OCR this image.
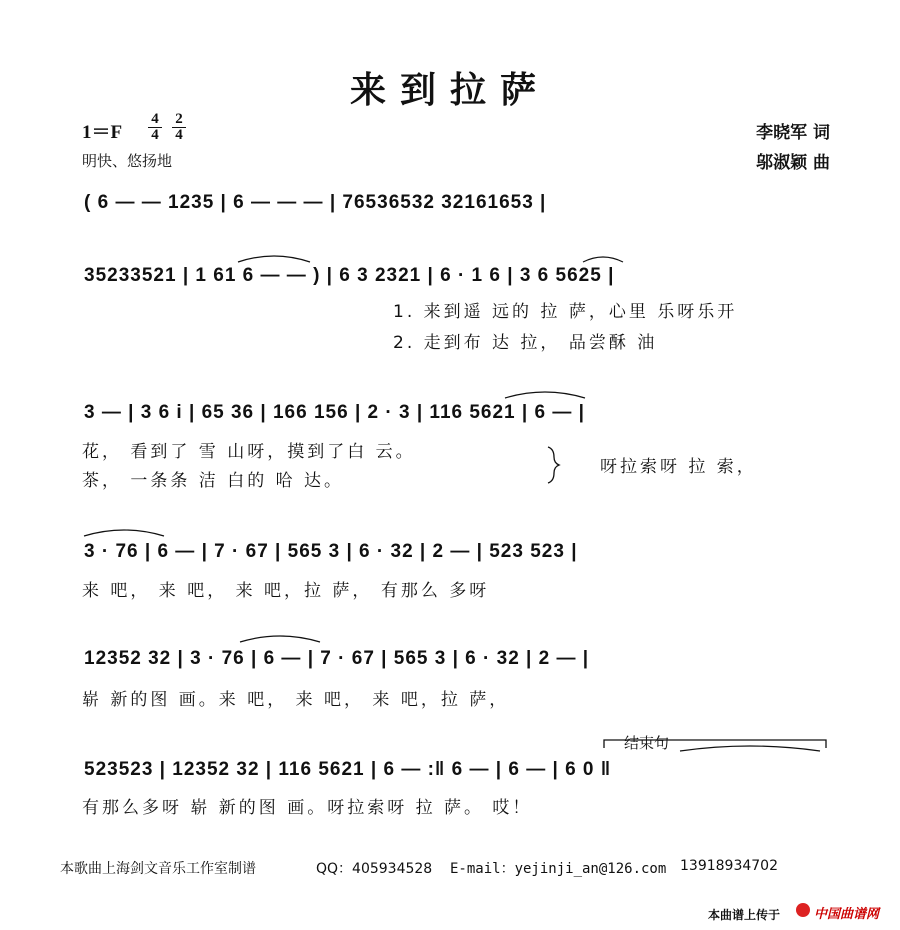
来到拉萨
1＝F
4
4
2
4
明快、悠扬地
李晓军 词
邬淑颖 曲
( 6 — — 1235 | 6 — — — | 76536532 32161653 |
35233521 | 1 61 6 — — ) | 6 3 2321 | 6 · 1 6 | 3 6 5625 |
1. 来到遥 远的 拉 萨，心里 乐呀乐开
2. 走到布 达 拉， 品尝酥 油
3 — | 3 6 i | 65 36 | 166 156 | 2 · 3 | 116 5621 | 6 — |
花， 看到了 雪 山呀，摸到了白 云。
茶， 一条条 洁 白的 哈 达。
呀拉索呀 拉 索，
3 · 76 | 6 — | 7 · 67 | 565 3 | 6 · 32 | 2 — | 523 523 |
来 吧， 来 吧， 来 吧，拉 萨， 有那么 多呀
12352 32 | 3 · 76 | 6 — | 7 · 67 | 565 3 | 6 · 32 | 2 — |
崭 新的图 画。来 吧， 来 吧， 来 吧，拉 萨，
结束句
523523 | 12352 32 | 116 5621 | 6 — :‖ 6 — | 6 — | 6 0 ‖
有那么多呀 崭 新的图 画。呀拉索呀 拉 萨。 哎！
本歌曲上海剑文音乐工作室制谱	QQ：405934528 E-mail：yejinji_an@126.com 13918934702
本曲谱上传于	中国曲谱网
